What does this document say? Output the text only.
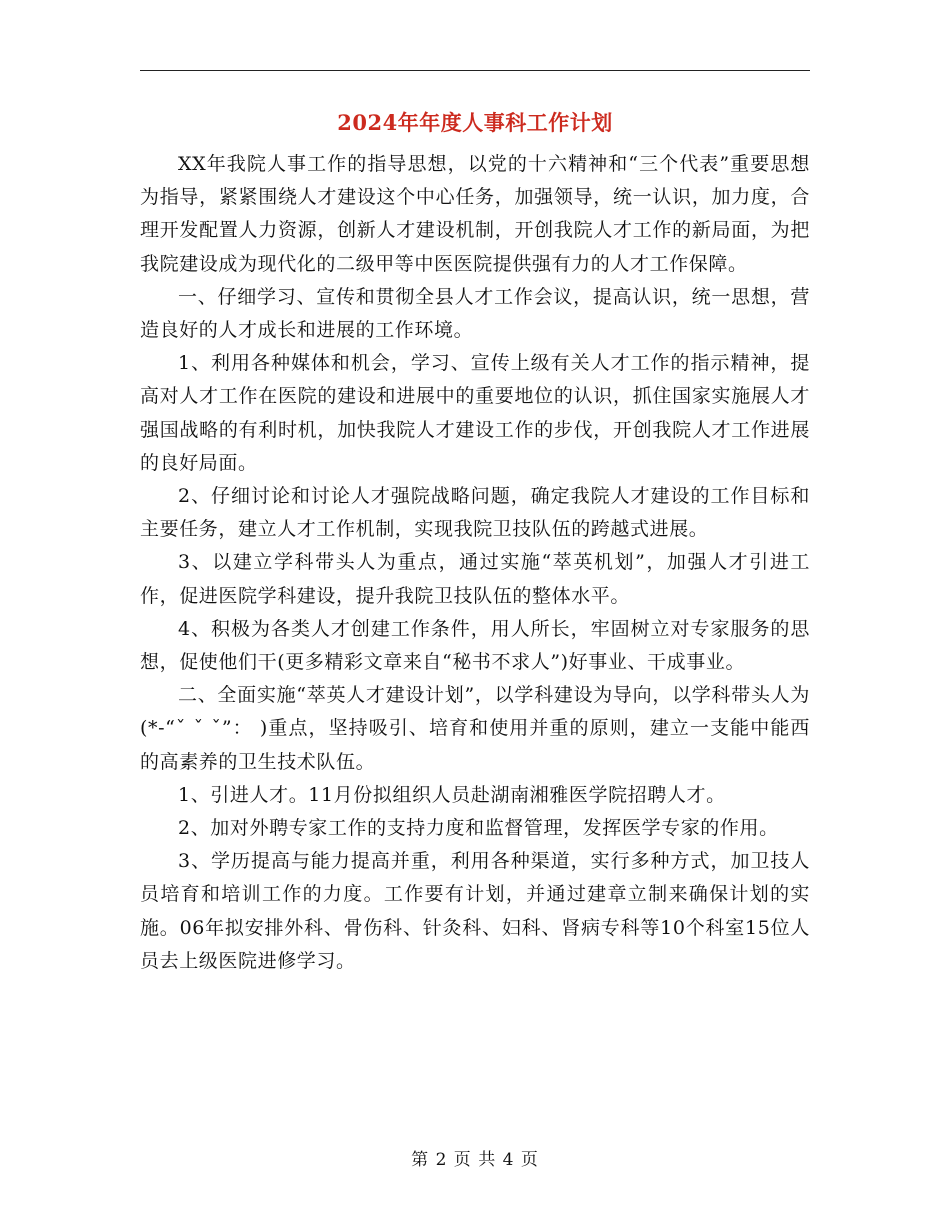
2024年年度人事科工作计划

XX年我院人事工作的指导思想，以党的十六精神和“三个代表”重要思想为指导，紧紧围绕人才建设这个中心任务，加强领导，统一认识，加力度，合理开发配置人力资源，创新人才建设机制，开创我院人才工作的新局面，为把我院建设成为现代化的二级甲等中医医院提供强有力的人才工作保障。

一、仔细学习、宣传和贯彻全县人才工作会议，提高认识，统一思想，营造良好的人才成长和进展的工作环境。

1、利用各种媒体和机会，学习、宣传上级有关人才工作的指示精神，提高对人才工作在医院的建设和进展中的重要地位的认识，抓住国家实施展人才强国战略的有利时机，加快我院人才建设工作的步伐，开创我院人才工作进展的良好局面。

2、仔细讨论和讨论人才强院战略问题，确定我院人才建设的工作目标和主要任务，建立人才工作机制，实现我院卫技队伍的跨越式进展。

3、以建立学科带头人为重点，通过实施“萃英机划”，加强人才引进工作，促进医院学科建设，提升我院卫技队伍的整体水平。

4、积极为各类人才创建工作条件，用人所长，牢固树立对专家服务的思想，促使他们干(更多精彩文章来自“秘书不求人”)好事业、干成事业。

二、全面实施“萃英人才建设计划”，以学科建设为导向，以学科带头人为(*-“ˇ ˇ ˇ”： )重点，坚持吸引、培育和使用并重的原则，建立一支能中能西的高素养的卫生技术队伍。

1、引进人才。11月份拟组织人员赴湖南湘雅医学院招聘人才。

2、加对外聘专家工作的支持力度和监督管理，发挥医学专家的作用。

3、学历提高与能力提高并重，利用各种渠道，实行多种方式，加卫技人员培育和培训工作的力度。工作要有计划，并通过建章立制来确保计划的实施。06年拟安排外科、骨伤科、针灸科、妇科、肾病专科等10个科室15位人员去上级医院进修学习。

第 2 页 共 4 页
